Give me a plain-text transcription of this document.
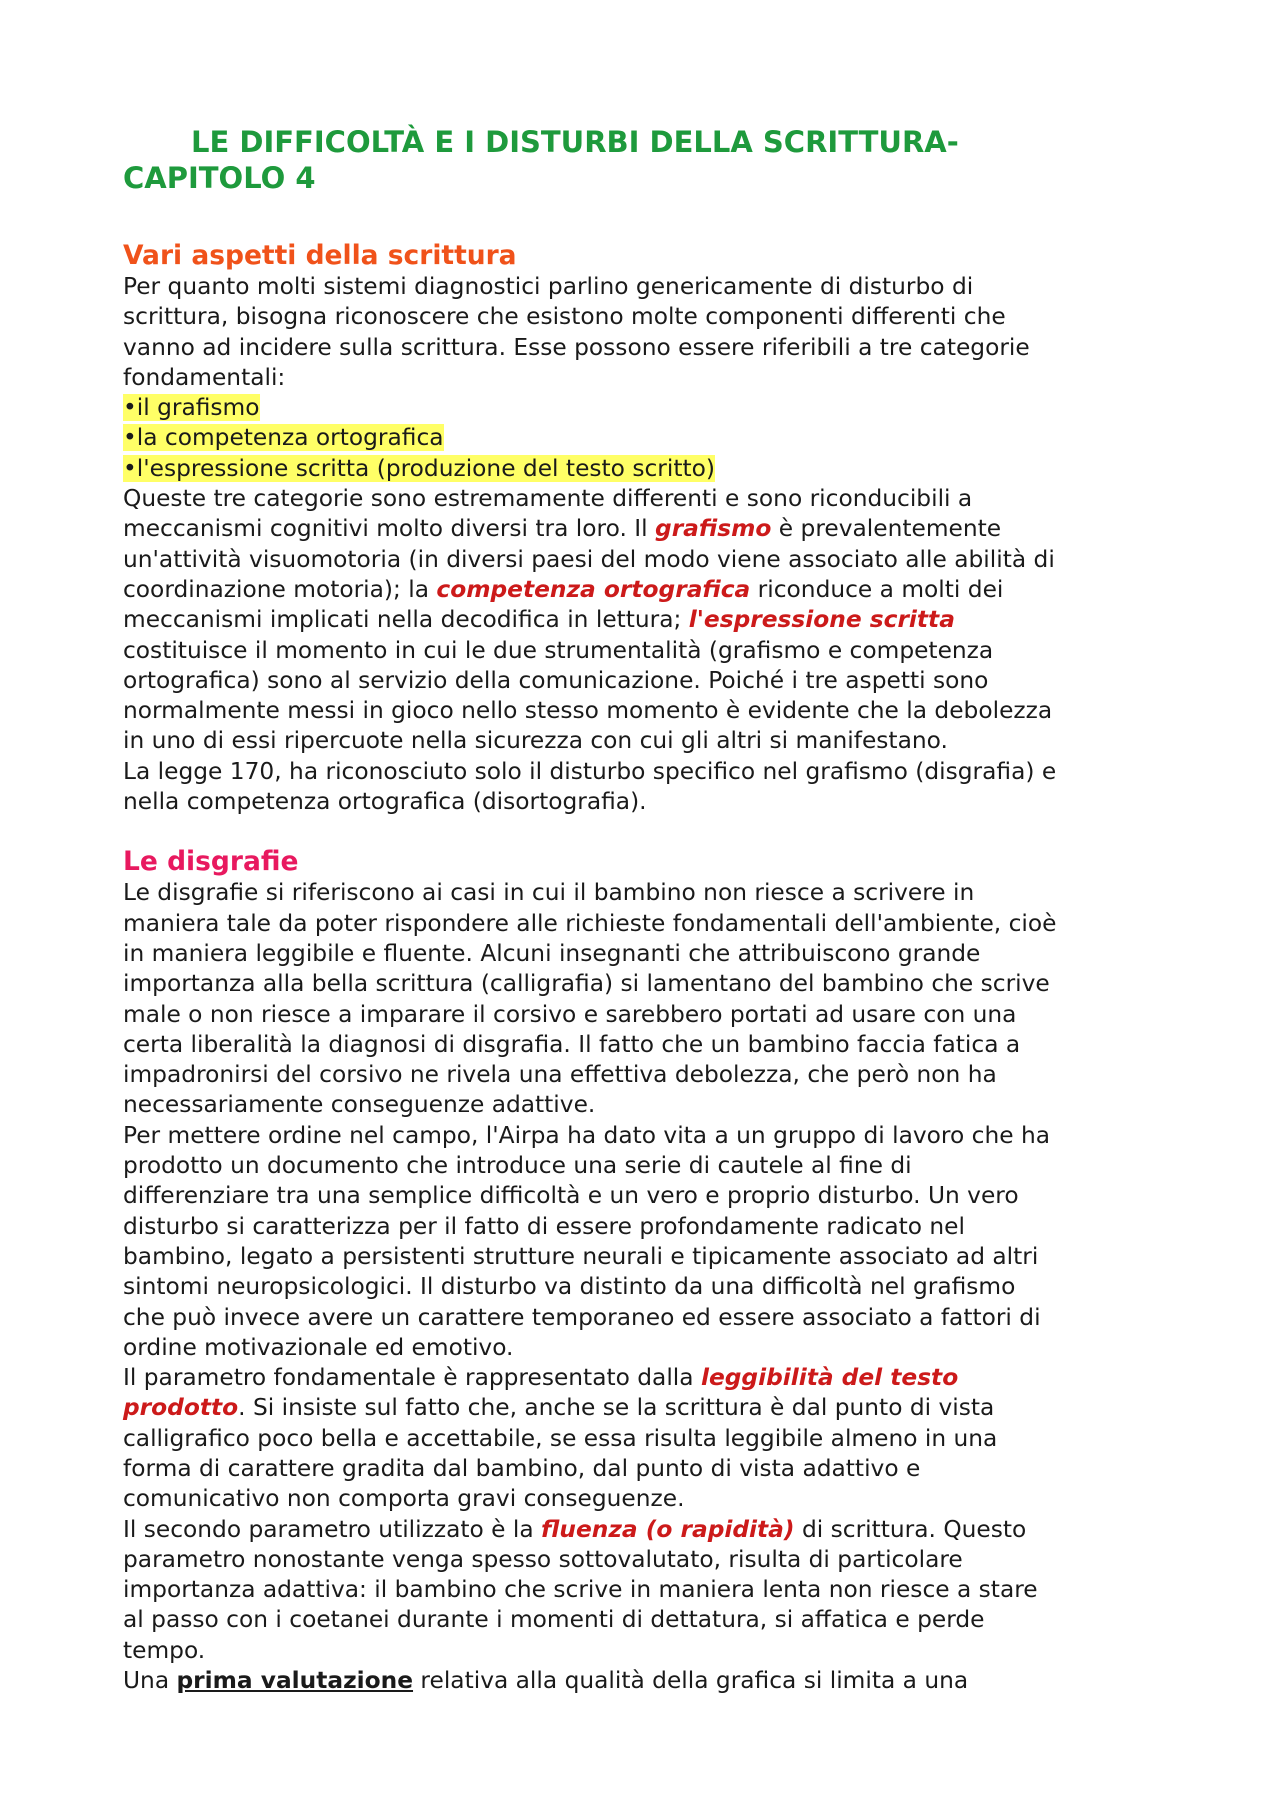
LE DIFFICOLTÀ E I DISTURBI DELLA SCRITTURA-
CAPITOLO 4
Vari aspetti della scrittura
Per quanto molti sistemi diagnostici parlino genericamente di disturbo di
scrittura, bisogna riconoscere che esistono molte componenti differenti che
vanno ad incidere sulla scrittura. Esse possono essere riferibili a tre categorie
fondamentali:
•il grafismo
•la competenza ortografica
•l'espressione scritta (produzione del testo scritto)
Queste tre categorie sono estremamente differenti e sono riconducibili a
meccanismi cognitivi molto diversi tra loro. Il grafismo è prevalentemente
un'attività visuomotoria (in diversi paesi del modo viene associato alle abilità di
coordinazione motoria); la competenza ortografica riconduce a molti dei
meccanismi implicati nella decodifica in lettura; l'espressione scritta
costituisce il momento in cui le due strumentalità (grafismo e competenza
ortografica) sono al servizio della comunicazione. Poiché i tre aspetti sono
normalmente messi in gioco nello stesso momento è evidente che la debolezza
in uno di essi ripercuote nella sicurezza con cui gli altri si manifestano.
La legge 170, ha riconosciuto solo il disturbo specifico nel grafismo (disgrafia) e
nella competenza ortografica (disortografia).
Le disgrafie
Le disgrafie si riferiscono ai casi in cui il bambino non riesce a scrivere in
maniera tale da poter rispondere alle richieste fondamentali dell'ambiente, cioè
in maniera leggibile e fluente. Alcuni insegnanti che attribuiscono grande
importanza alla bella scrittura (calligrafia) si lamentano del bambino che scrive
male o non riesce a imparare il corsivo e sarebbero portati ad usare con una
certa liberalità la diagnosi di disgrafia. Il fatto che un bambino faccia fatica a
impadronirsi del corsivo ne rivela una effettiva debolezza, che però non ha
necessariamente conseguenze adattive.
Per mettere ordine nel campo, l'Airpa ha dato vita a un gruppo di lavoro che ha
prodotto un documento che introduce una serie di cautele al fine di
differenziare tra una semplice difficoltà e un vero e proprio disturbo. Un vero
disturbo si caratterizza per il fatto di essere profondamente radicato nel
bambino, legato a persistenti strutture neurali e tipicamente associato ad altri
sintomi neuropsicologici. Il disturbo va distinto da una difficoltà nel grafismo
che può invece avere un carattere temporaneo ed essere associato a fattori di
ordine motivazionale ed emotivo.
Il parametro fondamentale è rappresentato dalla leggibilità del testo
prodotto. Si insiste sul fatto che, anche se la scrittura è dal punto di vista
calligrafico poco bella e accettabile, se essa risulta leggibile almeno in una
forma di carattere gradita dal bambino, dal punto di vista adattivo e
comunicativo non comporta gravi conseguenze.
Il secondo parametro utilizzato è la fluenza (o rapidità) di scrittura. Questo
parametro nonostante venga spesso sottovalutato, risulta di particolare
importanza adattiva: il bambino che scrive in maniera lenta non riesce a stare
al passo con i coetanei durante i momenti di dettatura, si affatica e perde
tempo.
Una prima valutazione relativa alla qualità della grafica si limita a una
